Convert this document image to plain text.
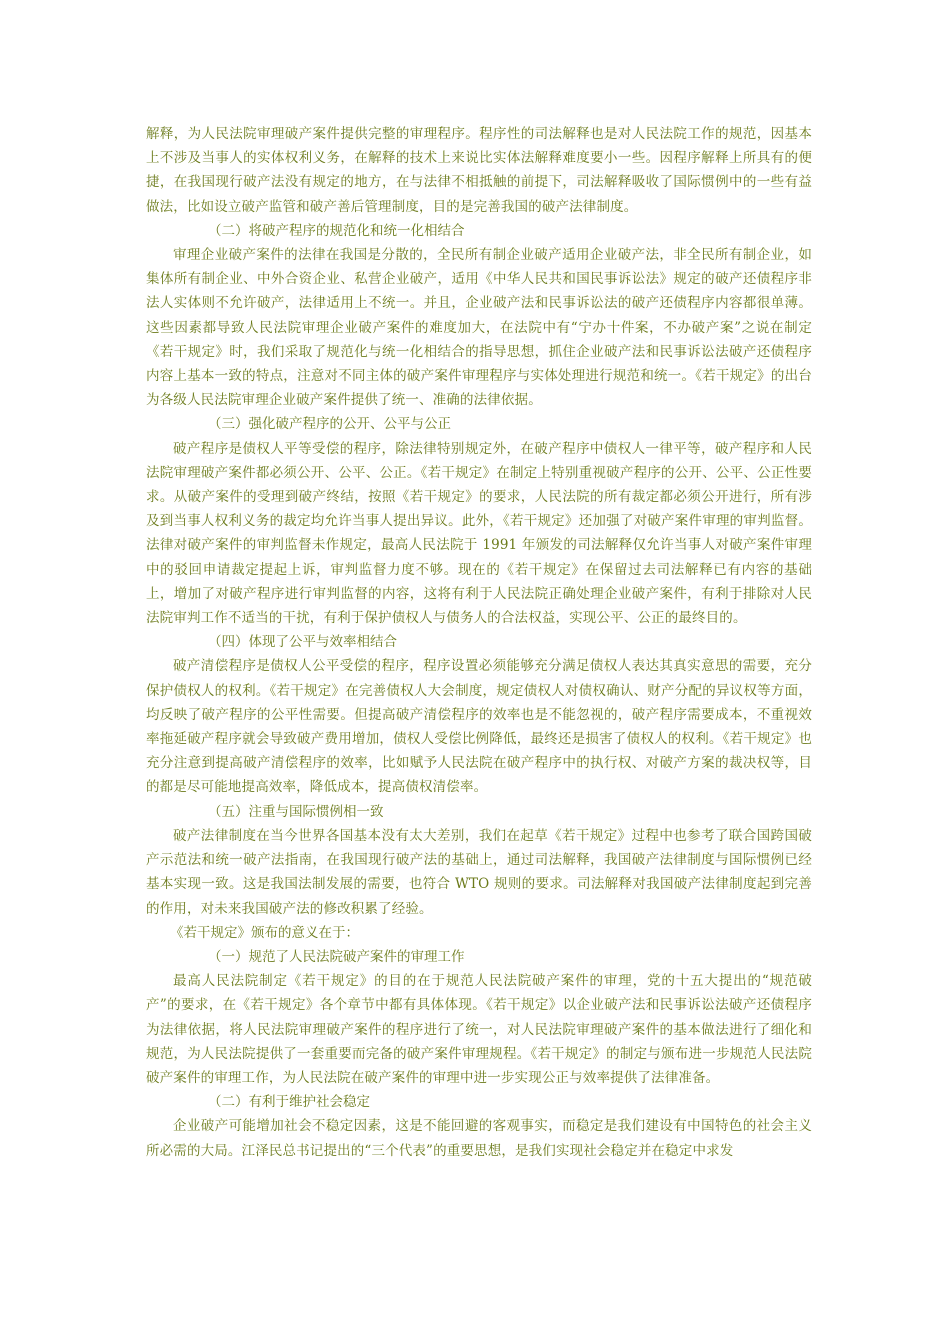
解释，为人民法院审理破产案件提供完整的审理程序。程序性的司法解释也是对人民法院工作的规范，因基本上不涉及当事人的实体权利义务，在解释的技术上来说比实体法解释难度要小一些。因程序解释上所具有的便捷，在我国现行破产法没有规定的地方，在与法律不相抵触的前提下，司法解释吸收了国际惯例中的一些有益做法，比如设立破产监管和破产善后管理制度，目的是完善我国的破产法律制度。

（二）将破产程序的规范化和统一化相结合

审理企业破产案件的法律在我国是分散的，全民所有制企业破产适用企业破产法，非全民所有制企业，如集体所有制企业、中外合资企业、私营企业破产，适用《中华人民共和国民事诉讼法》规定的破产还债程序非法人实体则不允许破产，法律适用上不统一。并且，企业破产法和民事诉讼法的破产还债程序内容都很单薄。这些因素都导致人民法院审理企业破产案件的难度加大，在法院中有“宁办十件案，不办破产案”之说在制定《若干规定》时，我们采取了规范化与统一化相结合的指导思想，抓住企业破产法和民事诉讼法破产还债程序内容上基本一致的特点，注意对不同主体的破产案件审理程序与实体处理进行规范和统一。《若干规定》的出台为各级人民法院审理企业破产案件提供了统一、准确的法律依据。

（三）强化破产程序的公开、公平与公正

破产程序是债权人平等受偿的程序，除法律特别规定外，在破产程序中债权人一律平等，破产程序和人民法院审理破产案件都必须公开、公平、公正。《若干规定》在制定上特别重视破产程序的公开、公平、公正性要求。从破产案件的受理到破产终结，按照《若干规定》的要求，人民法院的所有裁定都必须公开进行，所有涉及到当事人权利义务的裁定均允许当事人提出异议。此外，《若干规定》还加强了对破产案件审理的审判监督。法律对破产案件的审判监督未作规定，最高人民法院于 1991 年颁发的司法解释仅允许当事人对破产案件审理中的驳回申请裁定提起上诉，审判监督力度不够。现在的《若干规定》在保留过去司法解释已有内容的基础上，增加了对破产程序进行审判监督的内容，这将有利于人民法院正确处理企业破产案件，有利于排除对人民法院审判工作不适当的干扰，有利于保护债权人与债务人的合法权益，实现公平、公正的最终目的。

（四）体现了公平与效率相结合

破产清偿程序是债权人公平受偿的程序，程序设置必须能够充分满足债权人表达其真实意思的需要，充分保护债权人的权利。《若干规定》在完善债权人大会制度，规定债权人对债权确认、财产分配的异议权等方面，均反映了破产程序的公平性需要。但提高破产清偿程序的效率也是不能忽视的，破产程序需要成本，不重视效率拖延破产程序就会导致破产费用增加，债权人受偿比例降低，最终还是损害了债权人的权利。《若干规定》也充分注意到提高破产清偿程序的效率，比如赋予人民法院在破产程序中的执行权、对破产方案的裁决权等，目的都是尽可能地提高效率，降低成本，提高债权清偿率。

（五）注重与国际惯例相一致

破产法律制度在当今世界各国基本没有太大差别，我们在起草《若干规定》过程中也参考了联合国跨国破产示范法和统一破产法指南，在我国现行破产法的基础上，通过司法解释，我国破产法律制度与国际惯例已经基本实现一致。这是我国法制发展的需要，也符合 WTO 规则的要求。司法解释对我国破产法律制度起到完善的作用，对未来我国破产法的修改积累了经验。

《若干规定》颁布的意义在于：

（一）规范了人民法院破产案件的审理工作

最高人民法院制定《若干规定》的目的在于规范人民法院破产案件的审理，党的十五大提出的“规范破产”的要求，在《若干规定》各个章节中都有具体体现。《若干规定》以企业破产法和民事诉讼法破产还债程序为法律依据，将人民法院审理破产案件的程序进行了统一，对人民法院审理破产案件的基本做法进行了细化和规范，为人民法院提供了一套重要而完备的破产案件审理规程。《若干规定》的制定与颁布进一步规范人民法院破产案件的审理工作，为人民法院在破产案件的审理中进一步实现公正与效率提供了法律准备。

（二）有利于维护社会稳定

企业破产可能增加社会不稳定因素，这是不能回避的客观事实，而稳定是我们建设有中国特色的社会主义所必需的大局。江泽民总书记提出的“三个代表”的重要思想，是我们实现社会稳定并在稳定中求发
